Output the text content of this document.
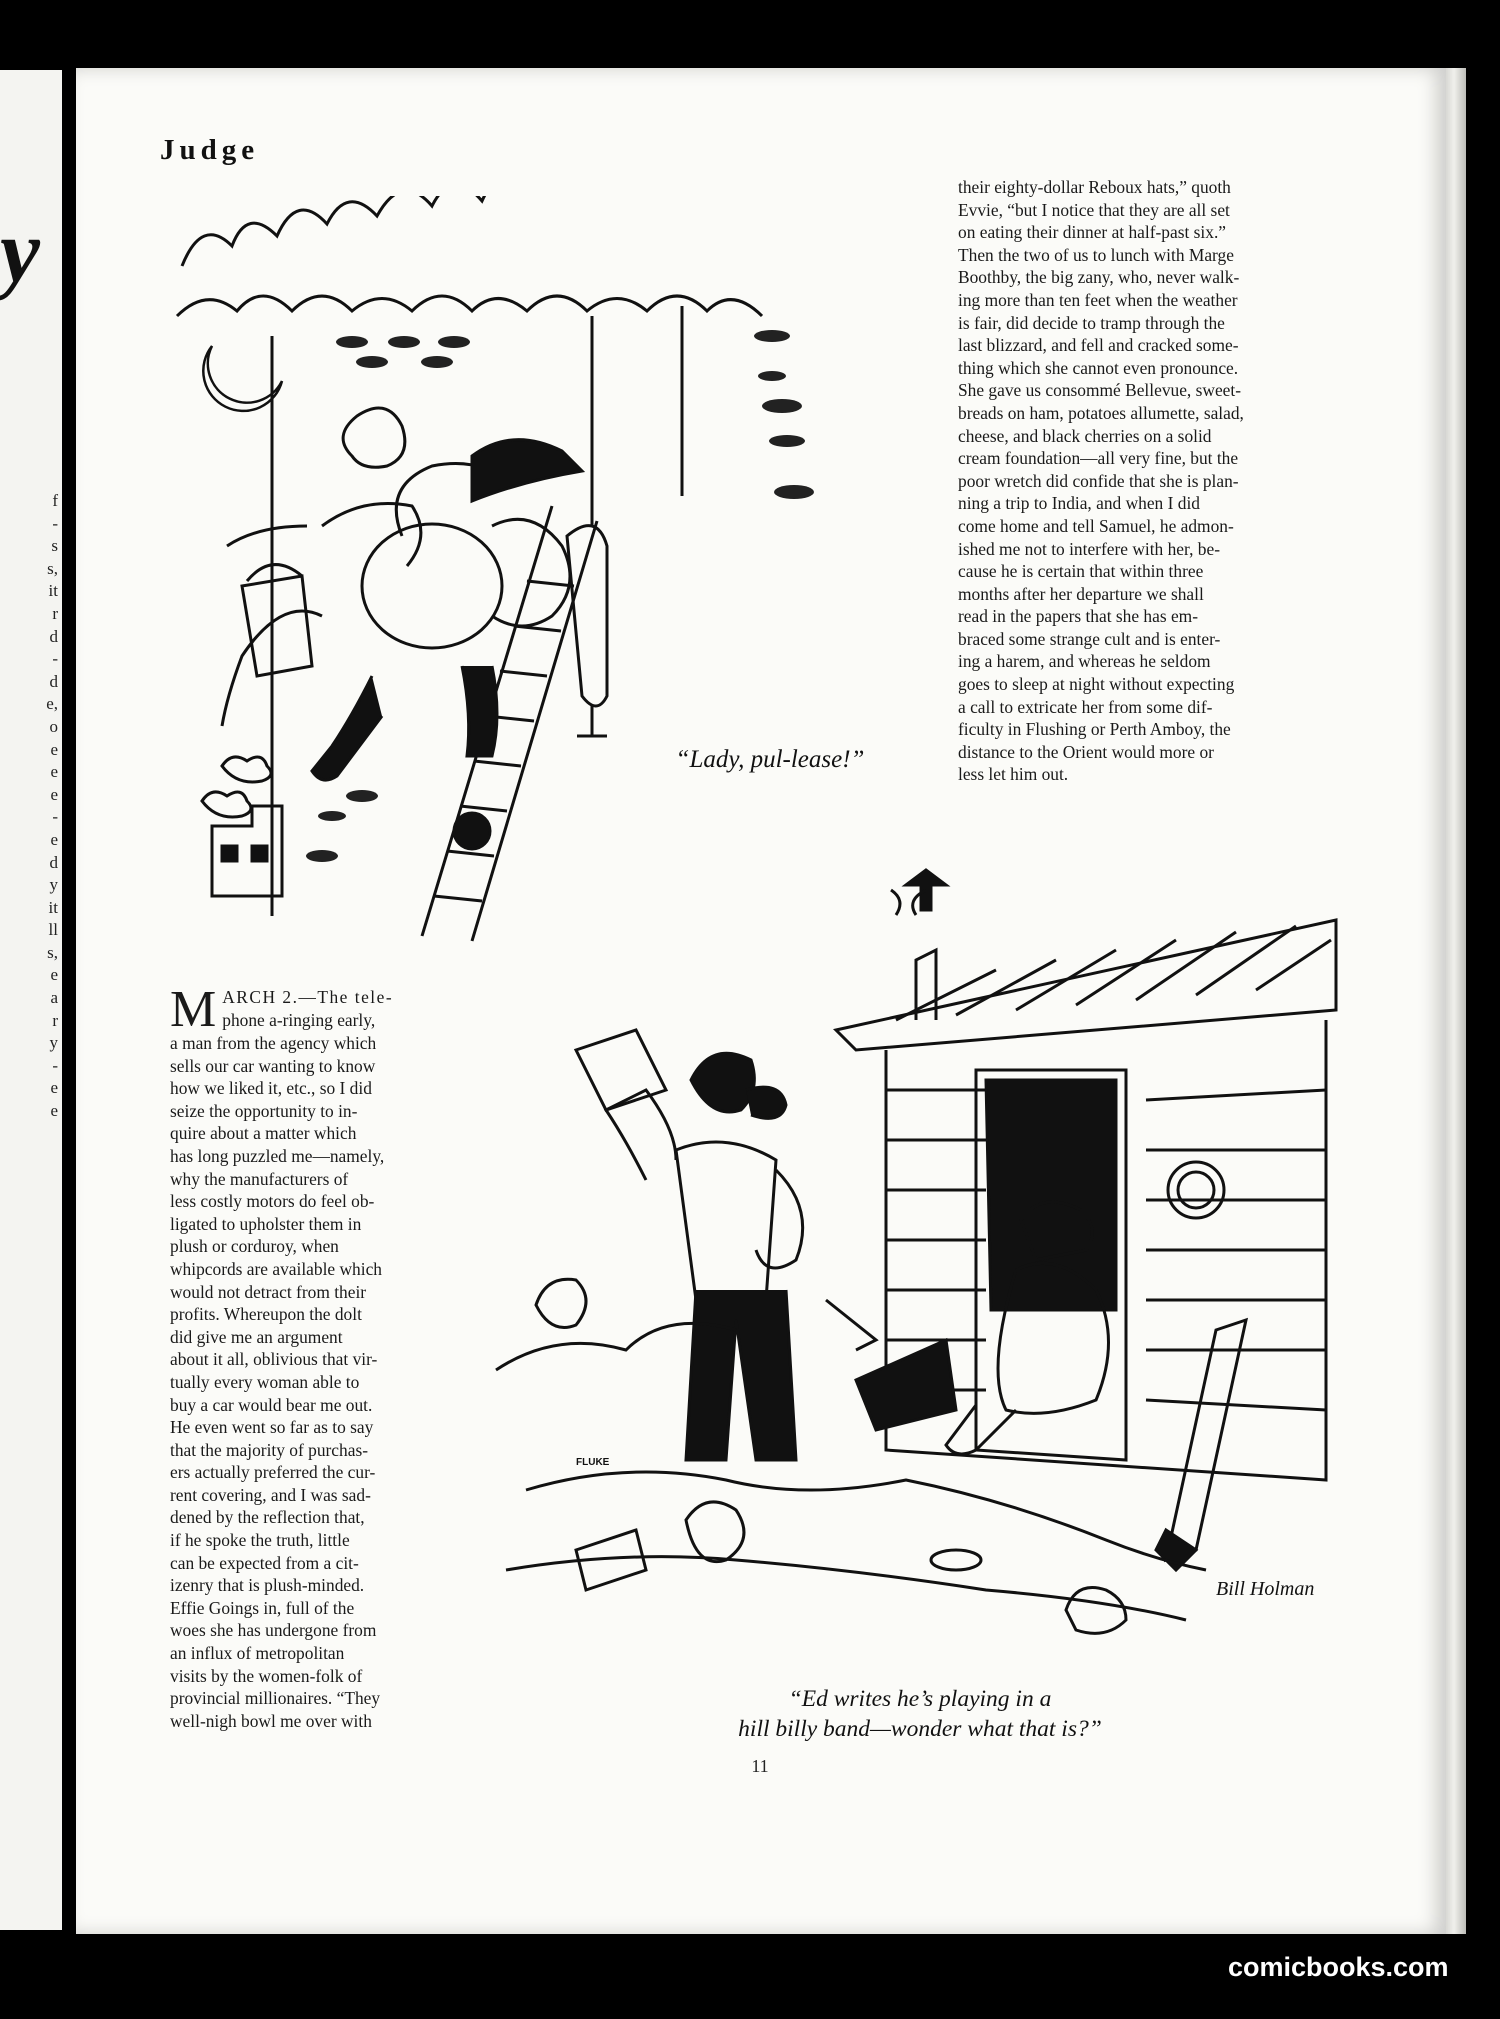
y
f
-
s
s,
it
r
d
-
d
e,
o
e
e
e
-
e
d
y
it
ll
s,
e
a
r
y
-
e
e
Judge
“Lady, pul-lease!”
Bill Holman
FLUKE
“Ed writes he’s playing in a
hill billy band—wonder what that is?”
their eighty-dollar Reboux hats,” quoth
Evvie, “but I notice that they are all set
on eating their dinner at half-past six.”
Then the two of us to lunch with Marge
Boothby, the big zany, who, never walk-
ing more than ten feet when the weather
is fair, did decide to tramp through the
last blizzard, and fell and cracked some-
thing which she cannot even pronounce.
She gave us consommé Bellevue, sweet-
breads on ham, potatoes allumette, salad,
cheese, and black cherries on a solid
cream foundation—all very fine, but the
poor wretch did confide that she is plan-
ning a trip to India, and when I did
come home and tell Samuel, he admon-
ished me not to interfere with her, be-
cause he is certain that within three
months after her departure we shall
read in the papers that she has em-
braced some strange cult and is enter-
ing a harem, and whereas he seldom
goes to sleep at night without expecting
a call to extricate her from some dif-
ficulty in Flushing or Perth Amboy, the
distance to the Orient would more or
less let him out.
M ARCH 2.—The tele-
phone a-ringing early,
a man from the agency which
sells our car wanting to know
how we liked it, etc., so I did
seize the opportunity to in-
quire about a matter which
has long puzzled me—namely,
why the manufacturers of
less costly motors do feel ob-
ligated to upholster them in
plush or corduroy, when
whipcords are available which
would not detract from their
profits. Whereupon the dolt
did give me an argument
about it all, oblivious that vir-
tually every woman able to
buy a car would bear me out.
He even went so far as to say
that the majority of purchas-
ers actually preferred the cur-
rent covering, and I was sad-
dened by the reflection that,
if he spoke the truth, little
can be expected from a cit-
izenry that is plush-minded.
Effie Goings in, full of the
woes she has undergone from
an influx of metropolitan
visits by the women-folk of
provincial millionaires. “They
well-nigh bowl me over with
11
comicbooks.com
